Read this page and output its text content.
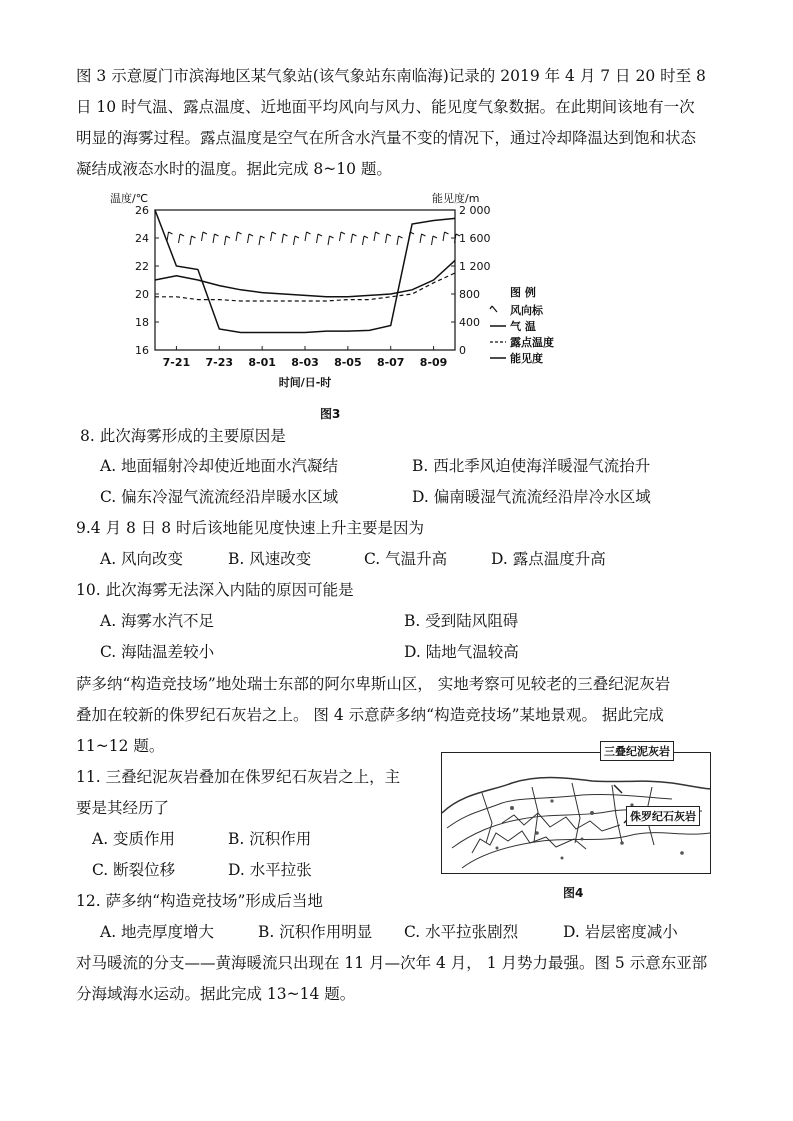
图 3 示意厦门市滨海地区某气象站(该气象站东南临海)记录的 2019 年 4 月 7 日 20 时至 8
日 10 时气温、露点温度、近地面平均风向与风力、能见度气象数据。在此期间该地有一次
明显的海雾过程。露点温度是空气在所含水汽量不变的情况下，通过冷却降温达到饱和状态
凝结成液态水时的温度。据此完成 8~10 题。
温度/℃	能见度/m
时间/日-时
26
24
22
20
18
16
2 000
1 600
1 200
800
400
0
7-21 7-23 8-01 8-03 8-05 8-07 8-09
图 例
风向标
气 温
露点温度
能见度
图3
8. 此次海雾形成的主要原因是
A. 地面辐射冷却使近地面水汽凝结	B. 西北季风迫使海洋暖湿气流抬升
C. 偏东冷湿气流流经沿岸暖水区域	D. 偏南暖湿气流流经沿岸冷水区域
9.4 月 8 日 8 时后该地能见度快速上升主要是因为
A. 风向改变	B. 风速改变	C. 气温升高	D. 露点温度升高
10. 此次海雾无法深入内陆的原因可能是
A. 海雾水汽不足	B. 受到陆风阻碍
C. 海陆温差较小	D. 陆地气温较高
萨多纳“构造竞技场”地处瑞士东部的阿尔卑斯山区， 实地考察可见较老的三叠纪泥灰岩
叠加在较新的侏罗纪石灰岩之上。 图 4 示意萨多纳“构造竞技场”某地景观。 据此完成
11~12 题。
11. 三叠纪泥灰岩叠加在侏罗纪石灰岩之上，主
要是其经历了
A. 变质作用	B. 沉积作用
C. 断裂位移	D. 水平拉张
三叠纪泥灰岩
侏罗纪石灰岩
图4
12. 萨多纳“构造竞技场”形成后当地
A. 地壳厚度增大	B. 沉积作用明显 C. 水平拉张剧烈	D. 岩层密度减小
对马暖流的分支——黄海暖流只出现在 11 月—次年 4 月， 1 月势力最强。图 5 示意东亚部
分海域海水运动。据此完成 13~14 题。
